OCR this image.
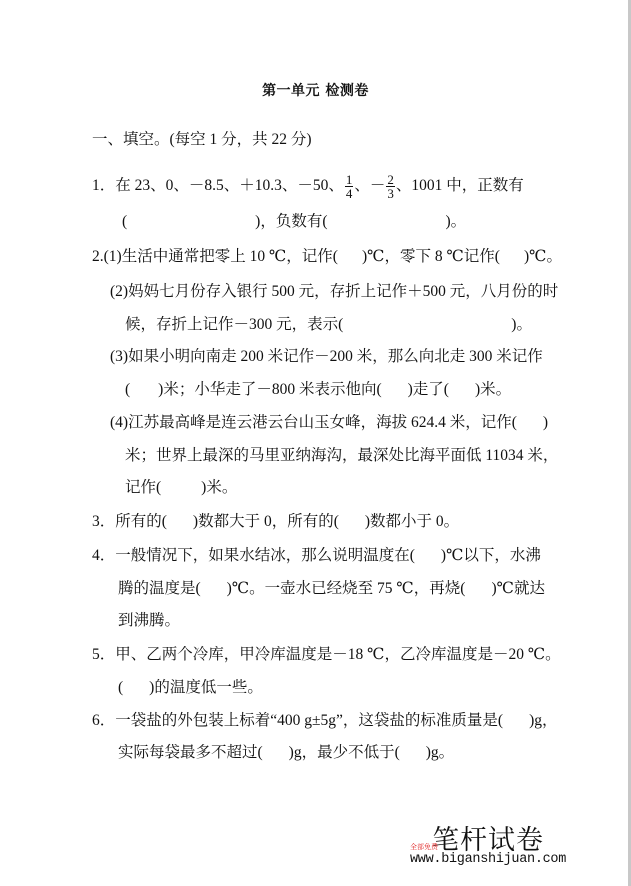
第一单元 检测卷
一、填空。(每空 1 分，共 22 分)
1．在 23、0、－8.5、＋10.3、－50、 $\frac{1}{4}$ 、－ $\frac{2}{3}$ 、1001 中，正数有
(	)，负数有(	)。
2.(1)生活中通常把零上 10 ℃，记作( )℃，零下 8 ℃记作( )℃。
(2)妈妈七月份存入银行 500 元，存折上记作＋500 元，八月份的时
候，存折上记作－300 元，表示(	)。
(3)如果小明向南走 200 米记作－200 米，那么向北走 300 米记作
( )米；小华走了－800 米表示他向( )走了( )米。
(4)江苏最高峰是连云港云台山玉女峰，海拔 624.4 米，记作( )
米；世界上最深的马里亚纳海沟，最深处比海平面低 11034 米，
记作(	)米。
3．所有的( )数都大于 0，所有的( )数都小于 0。
4．一般情况下，如果水结冰，那么说明温度在( )℃以下，水沸
腾的温度是( )℃。一壶水已经烧至 75 ℃，再烧( )℃就达
到沸腾。
5．甲、乙两个冷库，甲冷库温度是－18 ℃，乙冷库温度是－20 ℃。
( )的温度低一些。
6．一袋盐的外包装上标着“400 g±5g”，这袋盐的标准质量是( )g，
实际每袋最多不超过( )g，最少不低于( )g。
笔杆试卷
全部免费
www.biganshijuan.com
